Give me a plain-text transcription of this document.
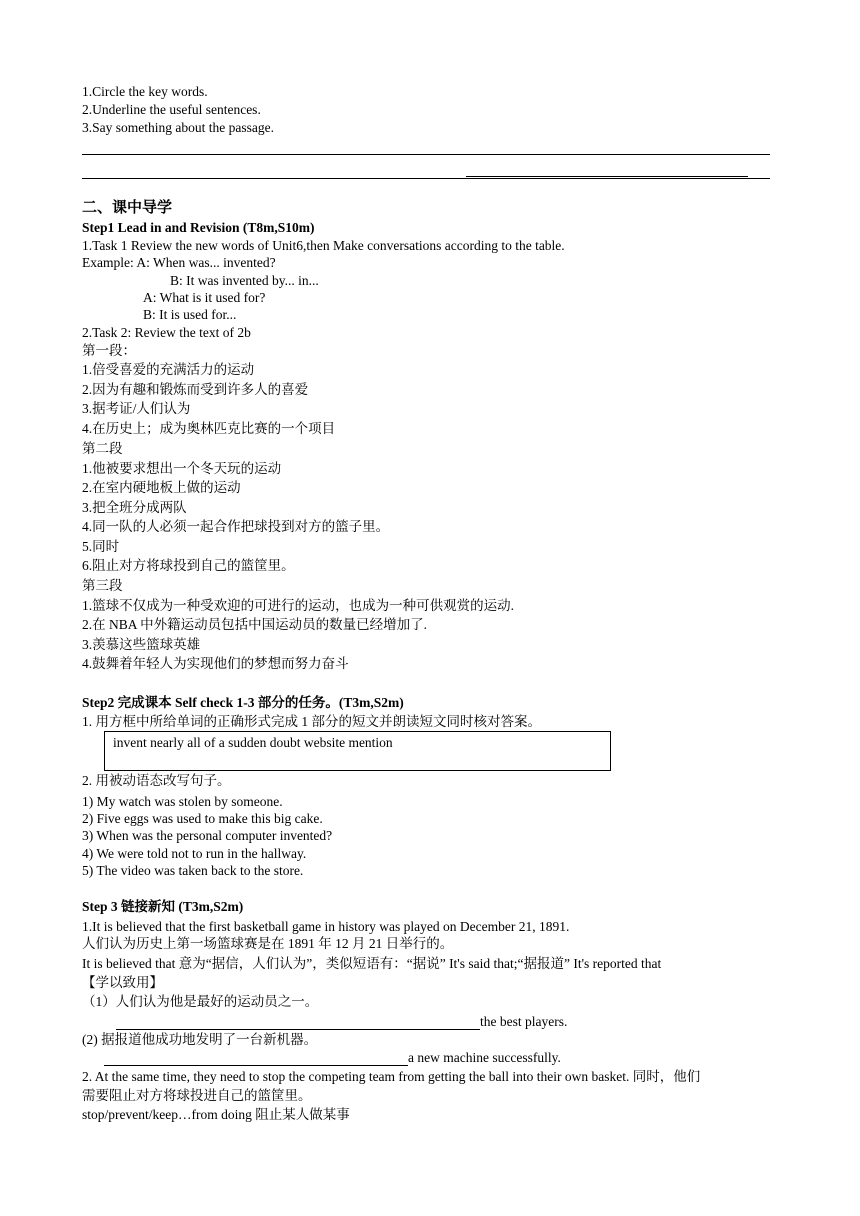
1.Circle the key words.
2.Underline the useful sentences.
3.Say something about the passage.
二、课中导学
Step1 Lead in and Revision (T8m,S10m)
1.Task 1 Review the new words of Unit6,then Make conversations according to the table.
Example: A: When was... invented?
B: It was invented by... in...
A: What is it used for?
B: It is used for...
2.Task 2: Review the text of 2b
第一段：
1.倍受喜爱的充满活力的运动
2.因为有趣和锻炼而受到许多人的喜爱
3.据考证/人们认为
4.在历史上；成为奥林匹克比赛的一个项目
第二段
1.他被要求想出一个冬天玩的运动
2.在室内硬地板上做的运动
3.把全班分成两队
4.同一队的人必须一起合作把球投到对方的篮子里。
5.同时
6.阻止对方将球投到自己的篮筐里。
第三段
1.篮球不仅成为一种受欢迎的可进行的运动，也成为一种可供观赏的运动.
2.在 NBA 中外籍运动员包括中国运动员的数量已经增加了.
3.羡慕这些篮球英雄
4.鼓舞着年轻人为实现他们的梦想而努力奋斗
Step2 完成课本 Self check 1-3 部分的任务。(T3m,S2m)
1. 用方框中所给单词的正确形式完成 1 部分的短文并朗读短文同时核对答案。
invent nearly all of a sudden doubt website mention
2. 用被动语态改写句子。
1) My watch was stolen by someone.
2) Five eggs was used to make this big cake.
3) When was the personal computer invented?
4) We were told not to run in the hallway.
5) The video was taken back to the store.
Step 3 链接新知 (T3m,S2m)
1.It is believed that the first basketball game in history was played on December 21, 1891.
人们认为历史上第一场篮球赛是在 1891 年 12 月 21 日举行的。
It is believed that 意为“据信，人们认为”，类似短语有：“据说” It's said that;“据报道” It's reported that
【学以致用】
（1）人们认为他是最好的运动员之一。
the best players.
(2) 据报道他成功地发明了一台新机器。
a new machine successfully.
2. At the same time, they need to stop the competing team from getting the ball into their own basket. 同时，他们
需要阻止对方将球投进自己的篮筐里。
stop/prevent/keep…from doing 阻止某人做某事
